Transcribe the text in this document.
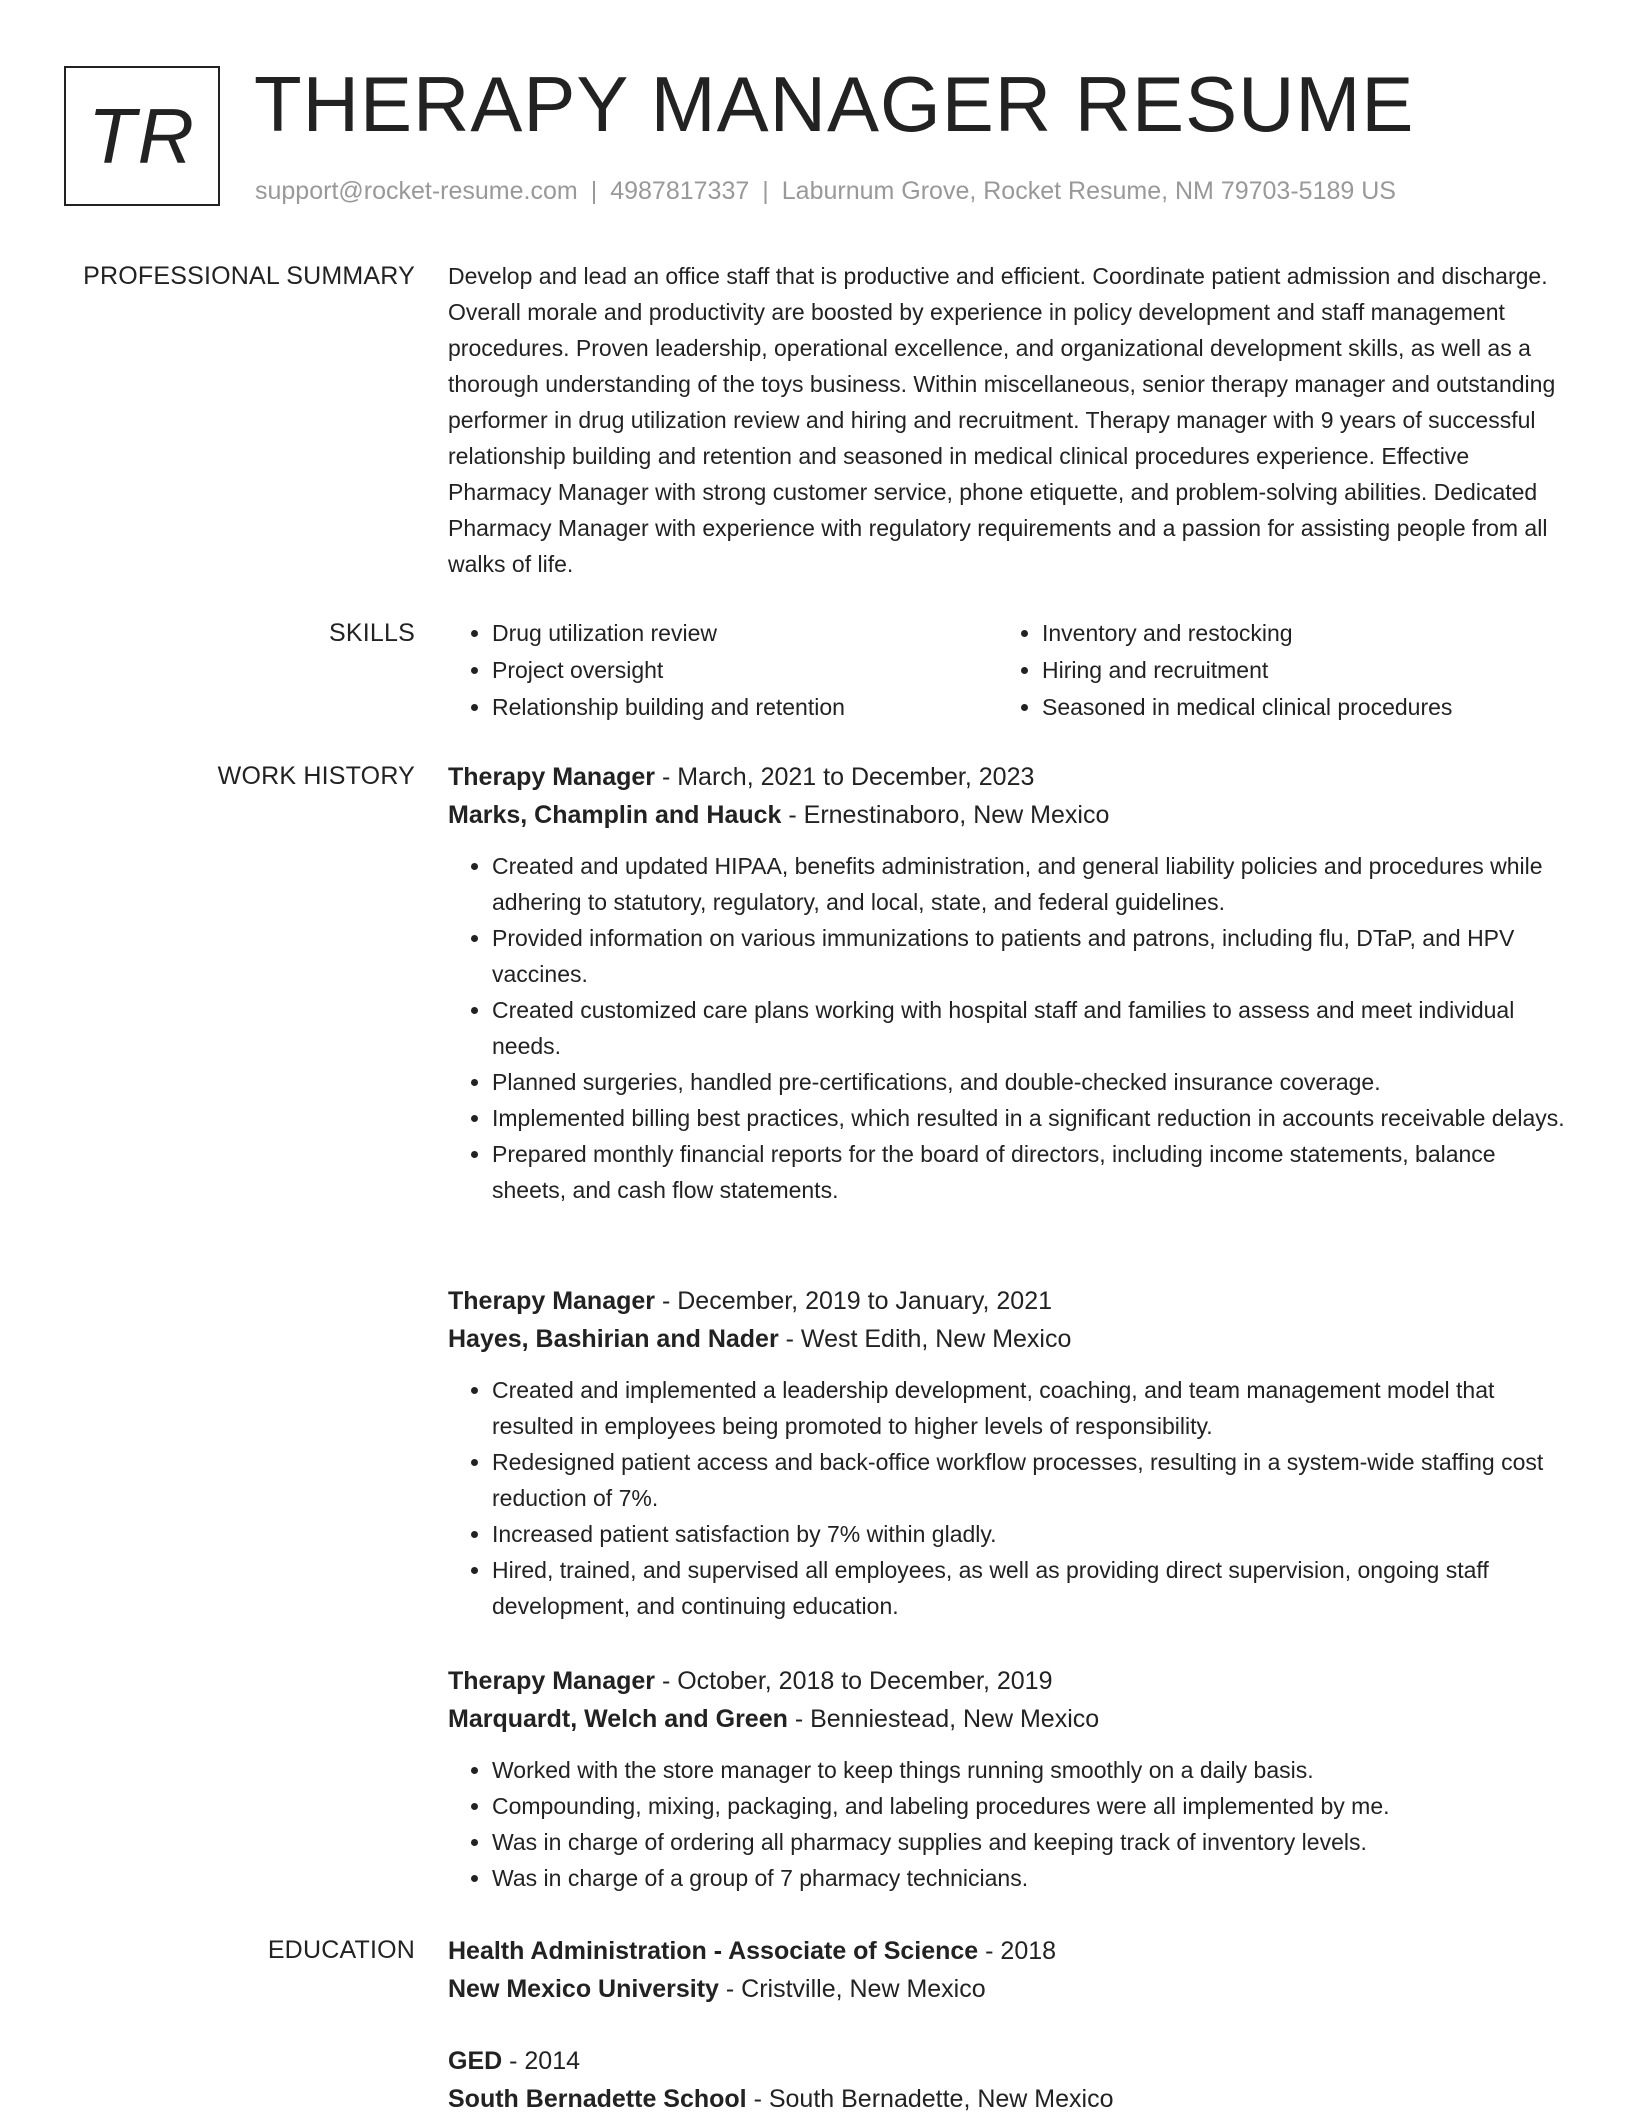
TR THERAPY MANAGER RESUME
support@rocket-resume.com | 4987817337 | Laburnum Grove, Rocket Resume, NM 79703-5189 US
PROFESSIONAL SUMMARY Develop and lead an office staff that is productive and efficient. Coordinate patient admission and discharge. Overall morale and productivity are boosted by experience in policy development and staff management procedures. Proven leadership, operational excellence, and organizational development skills, as well as a thorough understanding of the toys business. Within miscellaneous, senior therapy manager and outstanding performer in drug utilization review and hiring and recruitment. Therapy manager with 9 years of successful relationship building and retention and seasoned in medical clinical procedures experience. Effective Pharmacy Manager with strong customer service, phone etiquette, and problem-solving abilities. Dedicated Pharmacy Manager with experience with regulatory requirements and a passion for assisting people from all walks of life.

SKILLS
•	Drug utilization review
• Project oversight
• Relationship building and retention
• Inventory and restocking
• Hiring and recruitment
• Seasoned in medical clinical procedures
WORK HISTORY Therapy Manager - March, 2021 to December, 2023
Marks, Champlin and Hauck - Ernestinaboro, New Mexico
• Created and updated HIPAA, benefits administration, and general liability policies and procedures while adhering to statutory, regulatory, and local, state, and federal guidelines.
• Provided information on various immunizations to patients and patrons, including flu, DTaP, and HPV vaccines.
• Created customized care plans working with hospital staff and families to assess and meet individual needs.
• Planned surgeries, handled pre-certifications, and double-checked insurance coverage.
• Implemented billing best practices, which resulted in a significant reduction in accounts receivable delays.
• Prepared monthly financial reports for the board of directors, including income statements, balance sheets, and cash flow statements.
Therapy Manager - December, 2019 to January, 2021
Hayes, Bashirian and Nader - West Edith, New Mexico
• Created and implemented a leadership development, coaching, and team management model that resulted in employees being promoted to higher levels of responsibility.
• Redesigned patient access and back-office workflow processes, resulting in a system-wide staffing cost reduction of 7%.
• Increased patient satisfaction by 7% within gladly.
• Hired, trained, and supervised all employees, as well as providing direct supervision, ongoing staff development, and continuing education.
Therapy Manager - October, 2018 to December, 2019
Marquardt, Welch and Green - Benniestead, New Mexico
• Worked with the store manager to keep things running smoothly on a daily basis.
• Compounding, mixing, packaging, and labeling procedures were all implemented by me.
• Was in charge of ordering all pharmacy supplies and keeping track of inventory levels.
• Was in charge of a group of 7 pharmacy technicians.
EDUCATION Health Administration - Associate of Science - 2018
New Mexico University - Cristville, New Mexico
GED - 2014
South Bernadette School - South Bernadette, New Mexico
